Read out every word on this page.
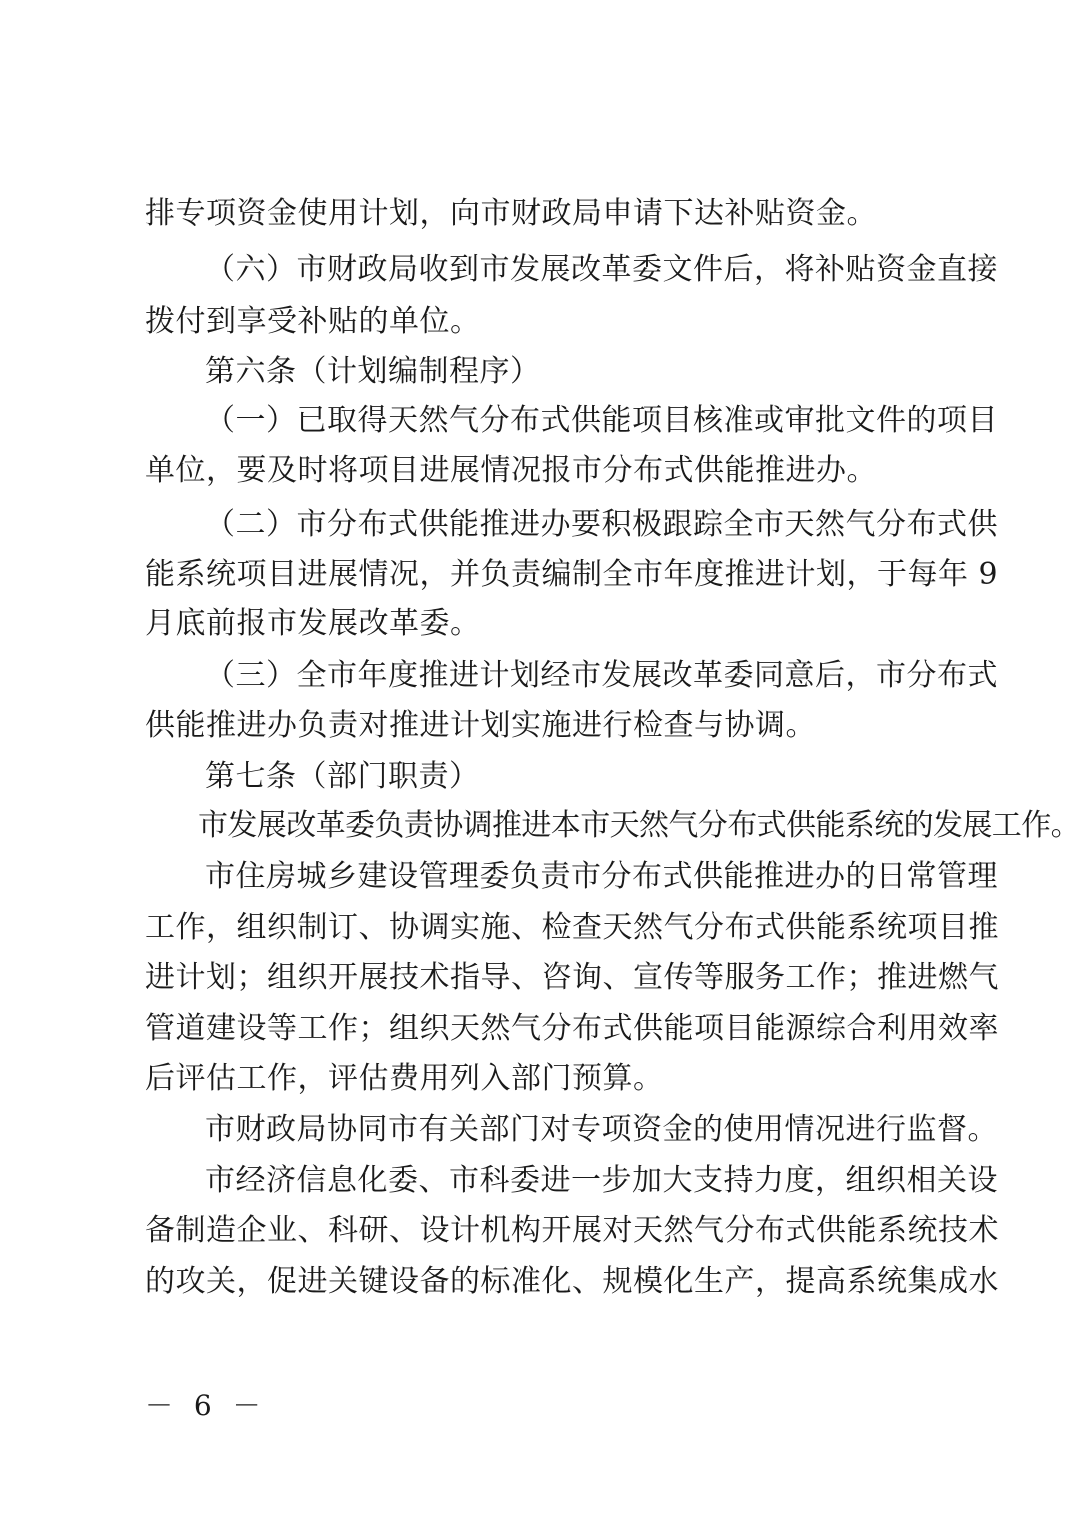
排专项资金使用计划，向市财政局申请下达补贴资金。
（六）市财政局收到市发展改革委文件后，将补贴资金直接
拨付到享受补贴的单位。
第六条（计划编制程序）
（一）已取得天然气分布式供能项目核准或审批文件的项目
单位，要及时将项目进展情况报市分布式供能推进办。
（二）市分布式供能推进办要积极跟踪全市天然气分布式供
能系统项目进展情况，并负责编制全市年度推进计划，于每年 9
月底前报市发展改革委。
（三）全市年度推进计划经市发展改革委同意后，市分布式
供能推进办负责对推进计划实施进行检查与协调。
第七条（部门职责）
市发展改革委负责协调推进本市天然气分布式供能系统的发展工作。
市住房城乡建设管理委负责市分布式供能推进办的日常管理
工作，组织制订、协调实施、检查天然气分布式供能系统项目推
进计划；组织开展技术指导、咨询、宣传等服务工作；推进燃气
管道建设等工作；组织天然气分布式供能项目能源综合利用效率
后评估工作，评估费用列入部门预算。
市财政局协同市有关部门对专项资金的使用情况进行监督。
市经济信息化委、市科委进一步加大支持力度，组织相关设
备制造企业、科研、设计机构开展对天然气分布式供能系统技术
的攻关，促进关键设备的标准化、规模化生产，提高系统集成水
－ 6 －
